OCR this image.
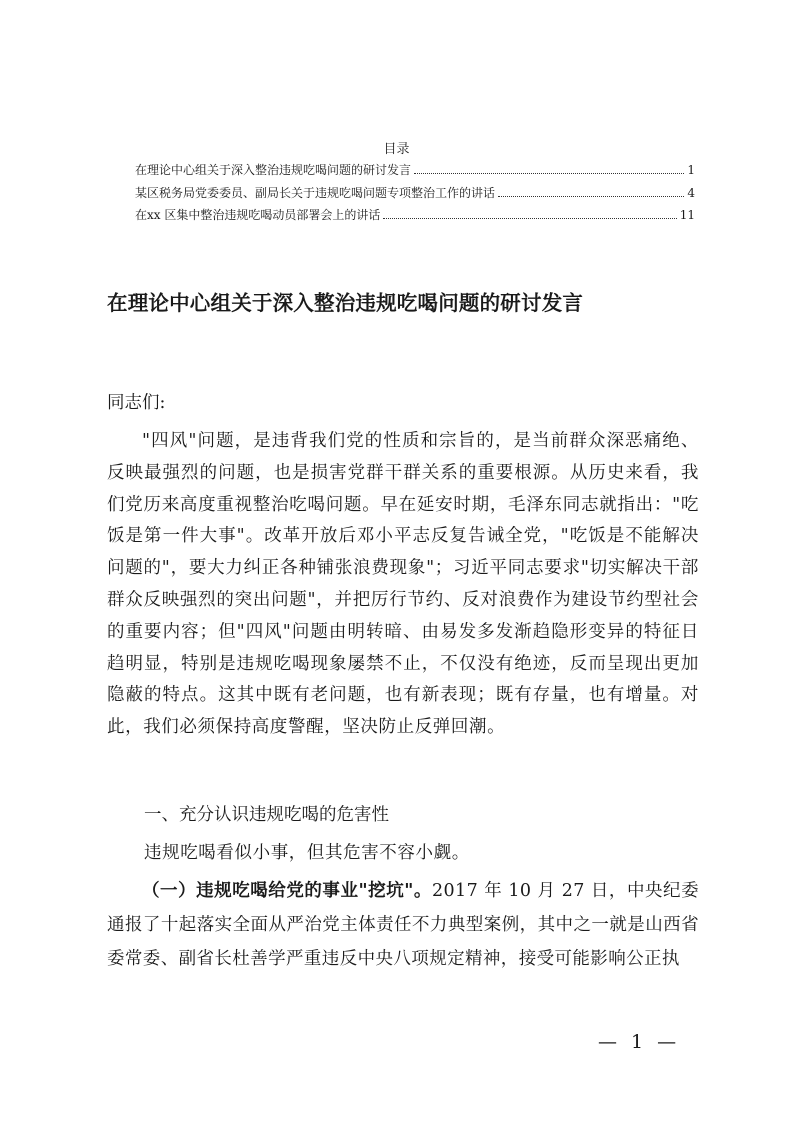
目录
在理论中心组关于深入整治违规吃喝问题的研讨发言	1
某区税务局党委委员、副局长关于违规吃喝问题专项整治工作的讲话	4
在xx 区集中整治违规吃喝动员部署会上的讲话	11
在理论中心组关于深入整治违规吃喝问题的研讨发言
同志们:

"四风"问题，是违背我们党的性质和宗旨的，是当前群众深恶痛绝、反映最强烈的问题，也是损害党群干群关系的重要根源。从历史来看，我们党历来高度重视整治吃喝问题。早在延安时期，毛泽东同志就指出："吃饭是第一件大事"。改革开放后邓小平志反复告诫全党，"吃饭是不能解决问题的"，要大力纠正各种铺张浪费现象"；习近平同志要求"切实解决干部群众反映强烈的突出问题"，并把厉行节约、反对浪费作为建设节约型社会的重要内容；但"四风"问题由明转暗、由易发多发渐趋隐形变异的特征日趋明显，特别是违规吃喝现象屡禁不止，不仅没有绝迹，反而呈现出更加隐蔽的特点。这其中既有老问题，也有新表现；既有存量，也有增量。对此，我们必须保持高度警醒，坚决防止反弹回潮。

一、充分认识违规吃喝的危害性
违规吃喝看似小事，但其危害不容小觑。

（一）违规吃喝给党的事业"挖坑"。2017 年 10 月 27 日，中央纪委通报了十起落实全面从严治党主体责任不力典型案例，其中之一就是山西省委常委、副省长杜善学严重违反中央八项规定精神，接受可能影响公正执

— 1 —
